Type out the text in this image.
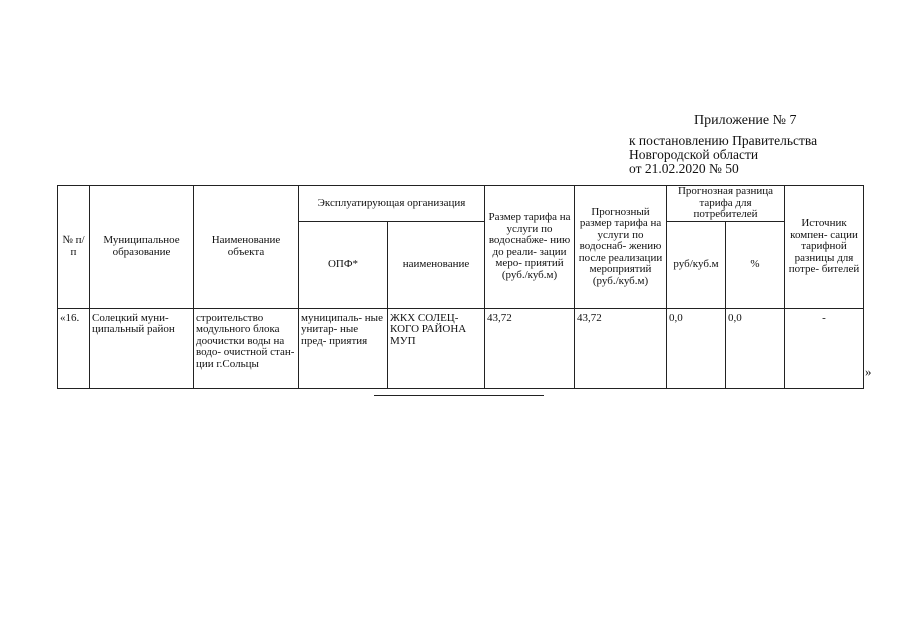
Приложение № 7
к постановлению Правительства
Новгородской области
от 21.02.2020 № 50
№ п/п	Муниципальное образование	Наименование объекта	Эксплуатирующая организация		Размер тарифа на услуги по водоснабже- нию до реали- зации меро- приятий (руб./куб.м)	Прогнозный размер тарифа на услуги по водоснаб- жению после реализации мероприятий (руб./куб.м)	Прогнозная разница тарифа для потребителей		Источник компен- сации тарифной разницы для потре- бителей
			ОПФ*	наименование			руб/куб.м	%	
«16.	Солецкий муни- ципальный район	строительство модульного блока доочистки воды на водо- очистной стан- ции г.Сольцы	муниципаль- ные унитар- ные пред- приятия	ЖКХ СОЛЕЦ- КОГО РАЙОНА МУП	43,72	43,72	0,0	0,0	-
»
